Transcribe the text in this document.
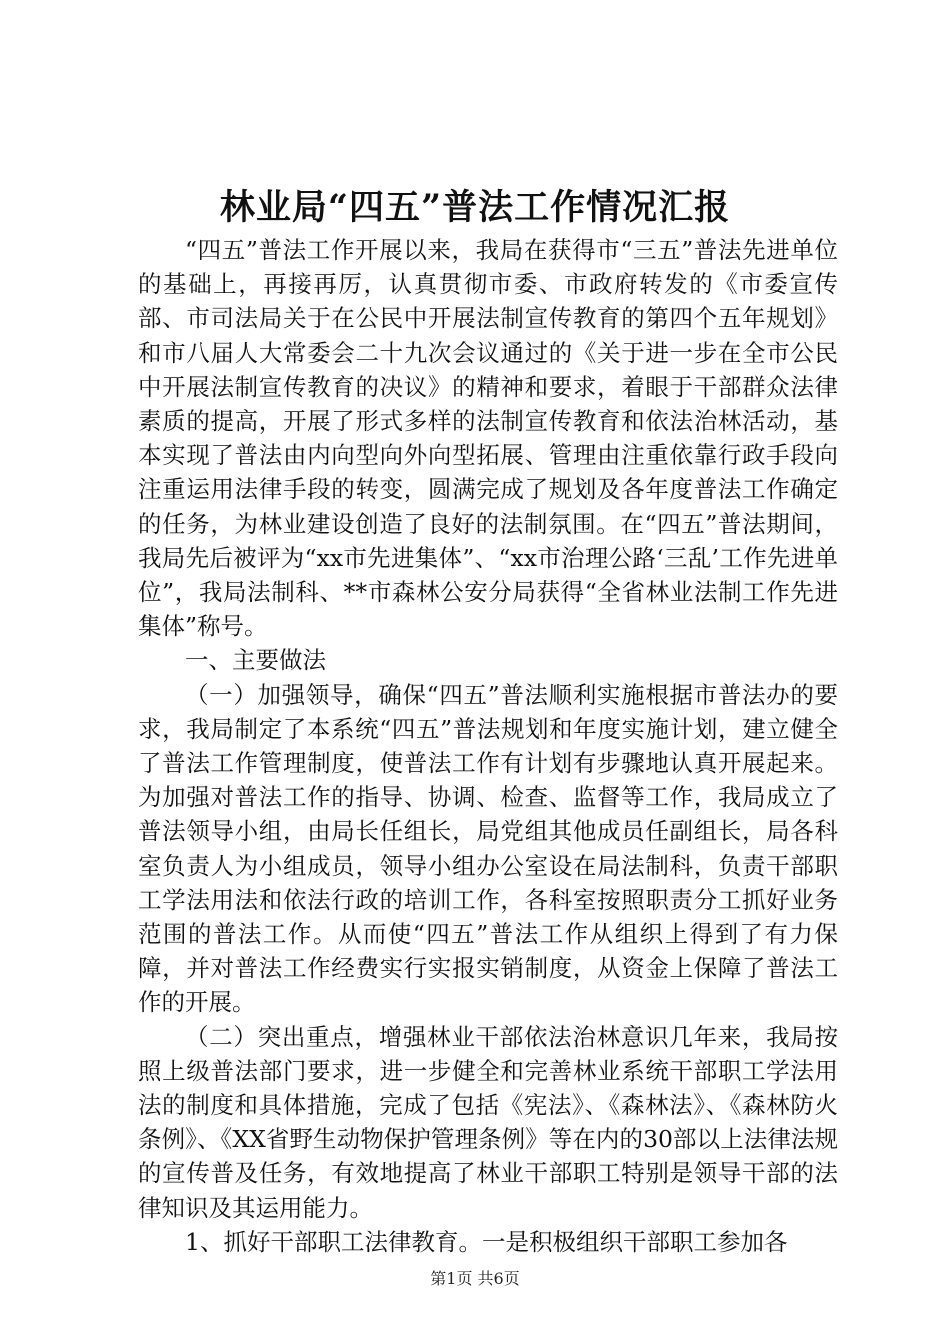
林业局“四五”普法工作情况汇报

“四五”普法工作开展以来，我局在获得市“三五”普法先进单位的基础上，再接再厉，认真贯彻市委、市政府转发的《市委宣传部、市司法局关于在公民中开展法制宣传教育的第四个五年规划》和市八届人大常委会二十九次会议通过的《关于进一步在全市公民中开展法制宣传教育的决议》的精神和要求，着眼于干部群众法律素质的提高，开展了形式多样的法制宣传教育和依法治林活动，基本实现了普法由内向型向外向型拓展、管理由注重依靠行政手段向注重运用法律手段的转变，圆满完成了规划及各年度普法工作确定的任务，为林业建设创造了良好的法制氛围。在“四五”普法期间，我局先后被评为“xx市先进集体”、“xx市治理公路‘三乱’工作先进单位”，我局法制科、**市森林公安分局获得“全省林业法制工作先进集体”称号。

一、主要做法

（一）加强领导，确保“四五”普法顺利实施根据市普法办的要求，我局制定了本系统“四五”普法规划和年度实施计划，建立健全了普法工作管理制度，使普法工作有计划有步骤地认真开展起来。为加强对普法工作的指导、协调、检查、监督等工作，我局成立了普法领导小组，由局长任组长，局党组其他成员任副组长，局各科室负责人为小组成员，领导小组办公室设在局法制科，负责干部职工学法用法和依法行政的培训工作，各科室按照职责分工抓好业务范围的普法工作。从而使“四五”普法工作从组织上得到了有力保障，并对普法工作经费实行实报实销制度，从资金上保障了普法工作的开展。

（二）突出重点，增强林业干部依法治林意识几年来，我局按照上级普法部门要求，进一步健全和完善林业系统干部职工学法用法的制度和具体措施，完成了包括《宪法》、《森林法》、《森林防火条例》、《XX省野生动物保护管理条例》等在内的30部以上法律法规的宣传普及任务，有效地提高了林业干部职工特别是领导干部的法律知识及其运用能力。

1、抓好干部职工法律教育。一是积极组织干部职工参加各

第1页 共6页
